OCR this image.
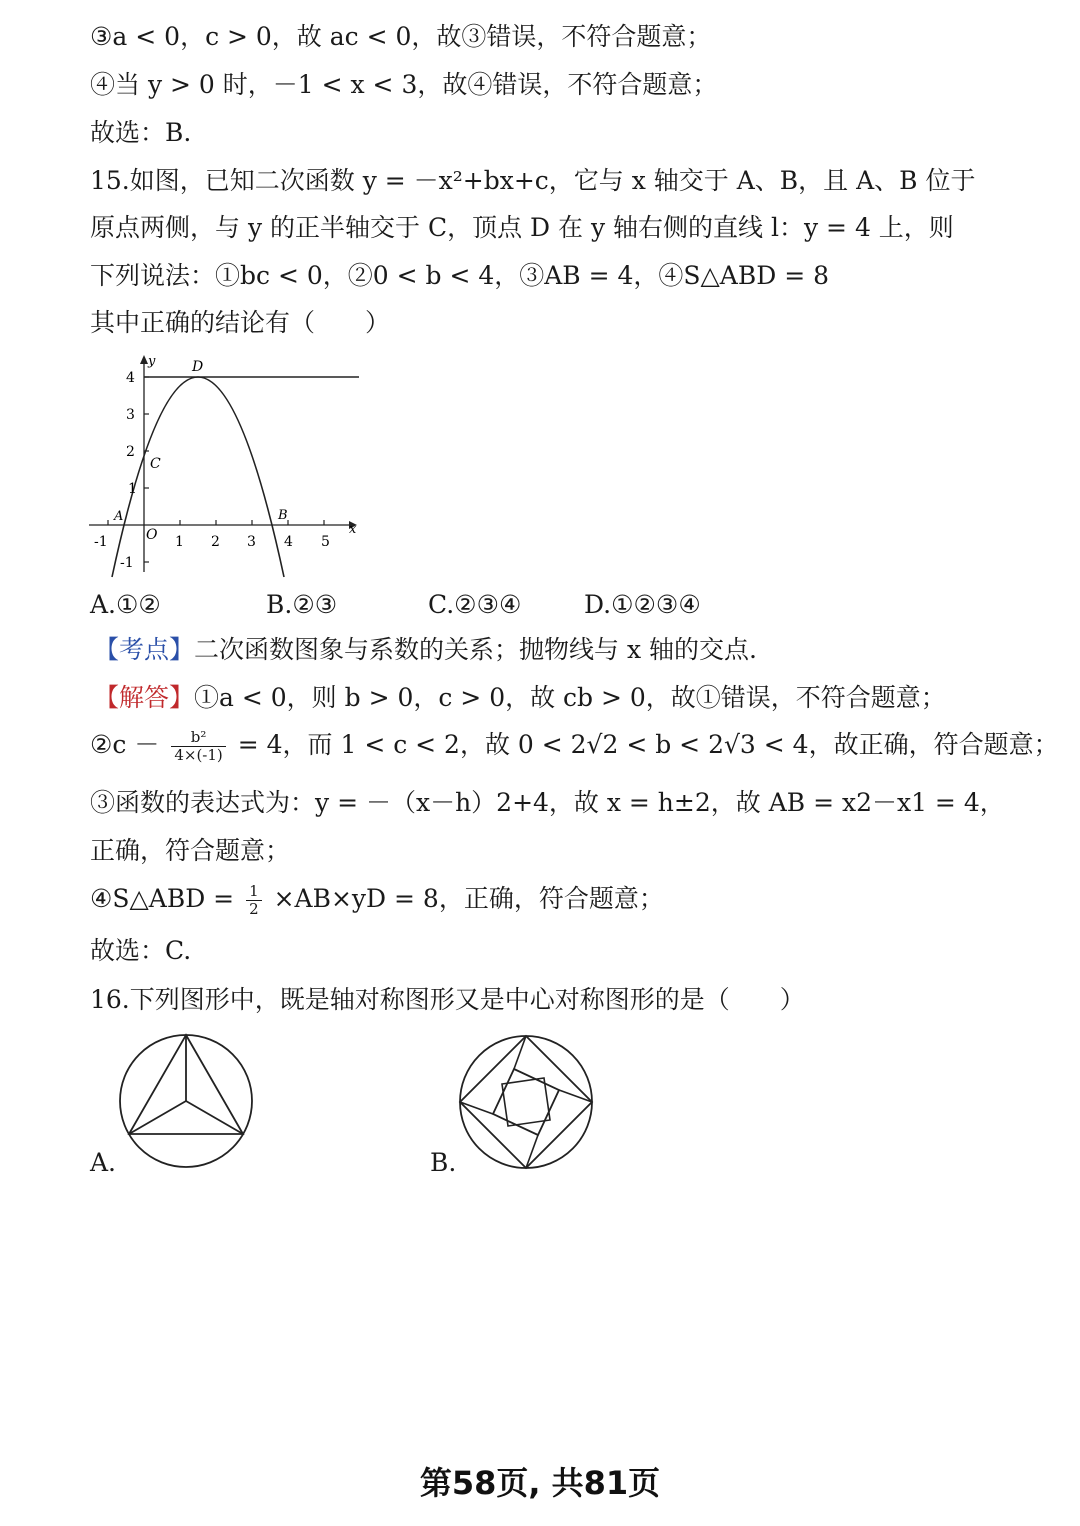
③a < 0，c > 0，故 ac < 0，故③错误，不符合题意；
④当 y > 0 时，－1 < x < 3，故④错误，不符合题意；
故选：B.
15.如图，已知二次函数 y = －x²+bx+c，它与 x 轴交于 A、B，且 A、B 位于
原点两侧，与 y 的正半轴交于 C，顶点 D 在 y 轴右侧的直线 l：y = 4 上，则
下列说法：①bc < 0，②0 < b < 4，③AB = 4，④S△ABD = 8
其中正确的结论有（　　）
y
x
4
3
2
1
-1
-1	1 2 3 4 5
O
A	B
C
D
A.①②	B.②③	C.②③④	D.①②③④
【考点】二次函数图象与系数的关系；抛物线与 x 轴的交点.
【解答】①a < 0，则 b > 0，c > 0，故 cb > 0，故①错误，不符合题意；
②c － $\frac{\text{b²}}{4\times(-1)} = 4$，而 1 < c < 2，故 0 < 2√2 < b < 2√3 < 4，故正确，符合题意；
③函数的表达式为：y = －（x－h）2+4，故 x = h±2，故 AB = x2－x1 = 4，
正确，符合题意；
④S△ABD = $\frac{1}{2} \times AB\times yD = 8$，正确，符合题意；
故选：C.
16.下列图形中，既是轴对称图形又是中心对称图形的是（　　）
A.	B.
第58页, 共81页
